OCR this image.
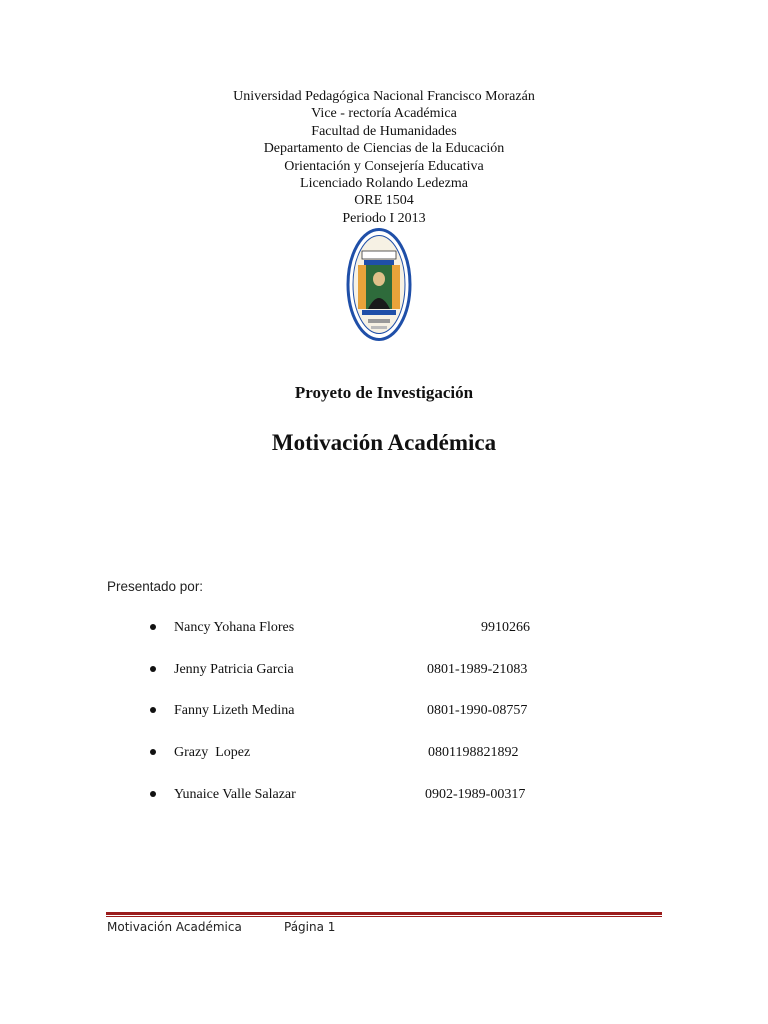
Universidad Pedagógica Nacional Francisco Morazán
Vice - rectoría Académica
Facultad de Humanidades
Departamento de Ciencias de la Educación
Orientación y Consejería Educativa
Licenciado Rolando Ledezma
ORE 1504
Periodo I 2013
Proyeto de Investigación
Motivación Académica
Presentado por:
Nancy Yohana Flores	9910266
Jenny Patricia Garcia	0801-1989-21083
Fanny Lizeth Medina	0801-1990-08757
Grazy  Lopez	0801198821892
Yunaice Valle Salazar	0902-1989-00317
Motivación Académica	Página 1
